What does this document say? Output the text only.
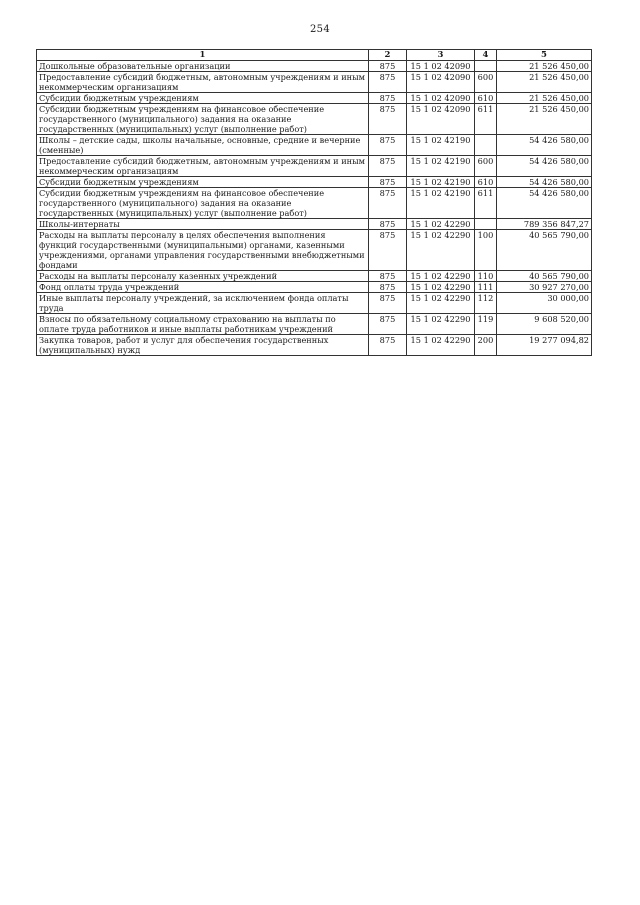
254
1	2	3	4	5
Дошкольные образовательные организации	875	15 1 02 42090		21 526 450,00
Предоставление субсидий бюджетным, автономным учреждениям и иным некоммерческим организациям	875	15 1 02 42090	600	21 526 450,00
Субсидии бюджетным учреждениям	875	15 1 02 42090	610	21 526 450,00
Субсидии бюджетным учреждениям на финансовое обеспечение государственного (муниципального) задания на оказание государственных (муниципальных) услуг (выполнение работ)	875	15 1 02 42090	611	21 526 450,00
Школы – детские сады, школы начальные, основные, средние и вечерние (сменные)	875	15 1 02 42190		54 426 580,00
Предоставление субсидий бюджетным, автономным учреждениям и иным некоммерческим организациям	875	15 1 02 42190	600	54 426 580,00
Субсидии бюджетным учреждениям	875	15 1 02 42190	610	54 426 580,00
Субсидии бюджетным учреждениям на финансовое обеспечение государственного (муниципального) задания на оказание государственных (муниципальных) услуг (выполнение работ)	875	15 1 02 42190	611	54 426 580,00
Школы-интернаты	875	15 1 02 42290		789 356 847,27
Расходы на выплаты персоналу в целях обеспечения выполнения функций государственными (муниципальными) органами, казенными учреждениями, органами управления государственными внебюджетными фондами	875	15 1 02 42290	100	40 565 790,00
Расходы на выплаты персоналу казенных учреждений	875	15 1 02 42290	110	40 565 790,00
Фонд оплаты труда учреждений	875	15 1 02 42290	111	30 927 270,00
Иные выплаты персоналу учреждений, за исключением фонда оплаты труда	875	15 1 02 42290	112	30 000,00
Взносы по обязательному социальному страхованию на выплаты по оплате труда работников и иные выплаты работникам учреждений	875	15 1 02 42290	119	9 608 520,00
Закупка товаров, работ и услуг для обеспечения государственных (муниципальных) нужд	875	15 1 02 42290	200	19 277 094,82
